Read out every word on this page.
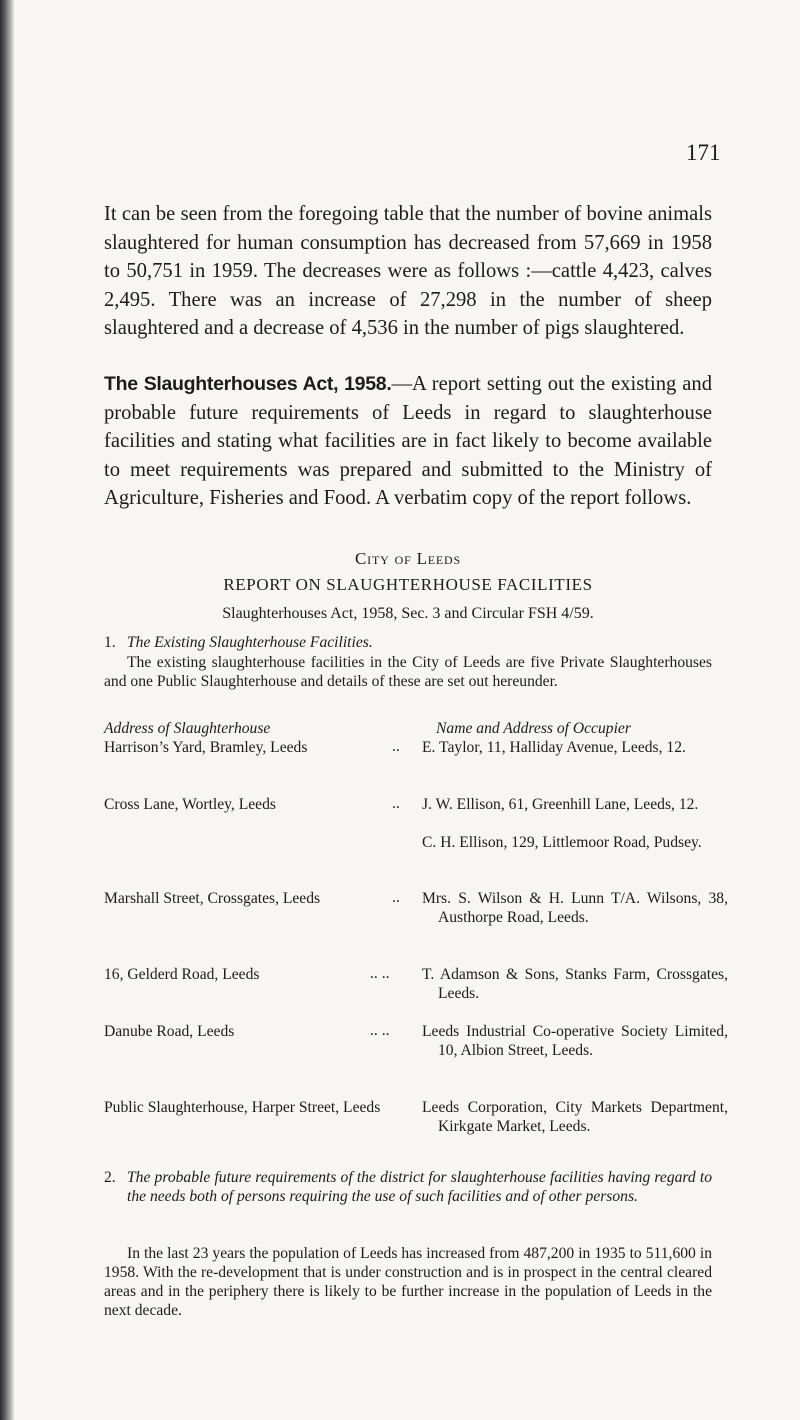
171

It can be seen from the foregoing table that the number of bovine animals slaughtered for human consumption has decreased from 57,669 in 1958 to 50,751 in 1959. The decreases were as follows :—cattle 4,423, calves 2,495. There was an increase of 27,298 in the number of sheep slaughtered and a decrease of 4,536 in the number of pigs slaughtered.

The Slaughterhouses Act, 1958.—A report setting out the existing and probable future requirements of Leeds in regard to slaughterhouse facilities and stating what facilities are in fact likely to become available to meet requirements was prepared and submitted to the Ministry of Agriculture, Fisheries and Food. A verbatim copy of the report follows.

City of Leeds

REPORT ON SLAUGHTERHOUSE FACILITIES

Slaughterhouses Act, 1958, Sec. 3 and Circular FSH 4/59.

1. The Existing Slaughterhouse Facilities.

The existing slaughterhouse facilities in the City of Leeds are five Private Slaughterhouses and one Public Slaughterhouse and details of these are set out hereunder.

Address of Slaughterhouse	Name and Address of Occupier
Harrison’s Yard, Bramley, Leeds	.. E. Taylor, 11, Halliday Avenue, Leeds, 12.
Cross Lane, Wortley, Leeds	.. J. W. Ellison, 61, Greenhill Lane, Leeds, 12.
C. H. Ellison, 129, Littlemoor Road, Pudsey.
Marshall Street, Crossgates, Leeds	.. Mrs. S. Wilson & H. Lunn T/A. Wilsons, 38, Austhorpe Road, Leeds.
16, Gelderd Road, Leeds	.. .. T. Adamson & Sons, Stanks Farm, Crossgates, Leeds.
Danube Road, Leeds	.. .. Leeds Industrial Co-operative Society Limited, 10, Albion Street, Leeds.
Public Slaughterhouse, Harper Street, Leeds	Leeds Corporation, City Markets Department, Kirkgate Market, Leeds.
2. The probable future requirements of the district for slaughterhouse facilities having regard to the needs both of persons requiring the use of such facilities and of other persons.

In the last 23 years the population of Leeds has increased from 487,200 in 1935 to 511,600 in 1958. With the re-development that is under construction and is in prospect in the central cleared areas and in the periphery there is likely to be further increase in the population of Leeds in the next decade.
